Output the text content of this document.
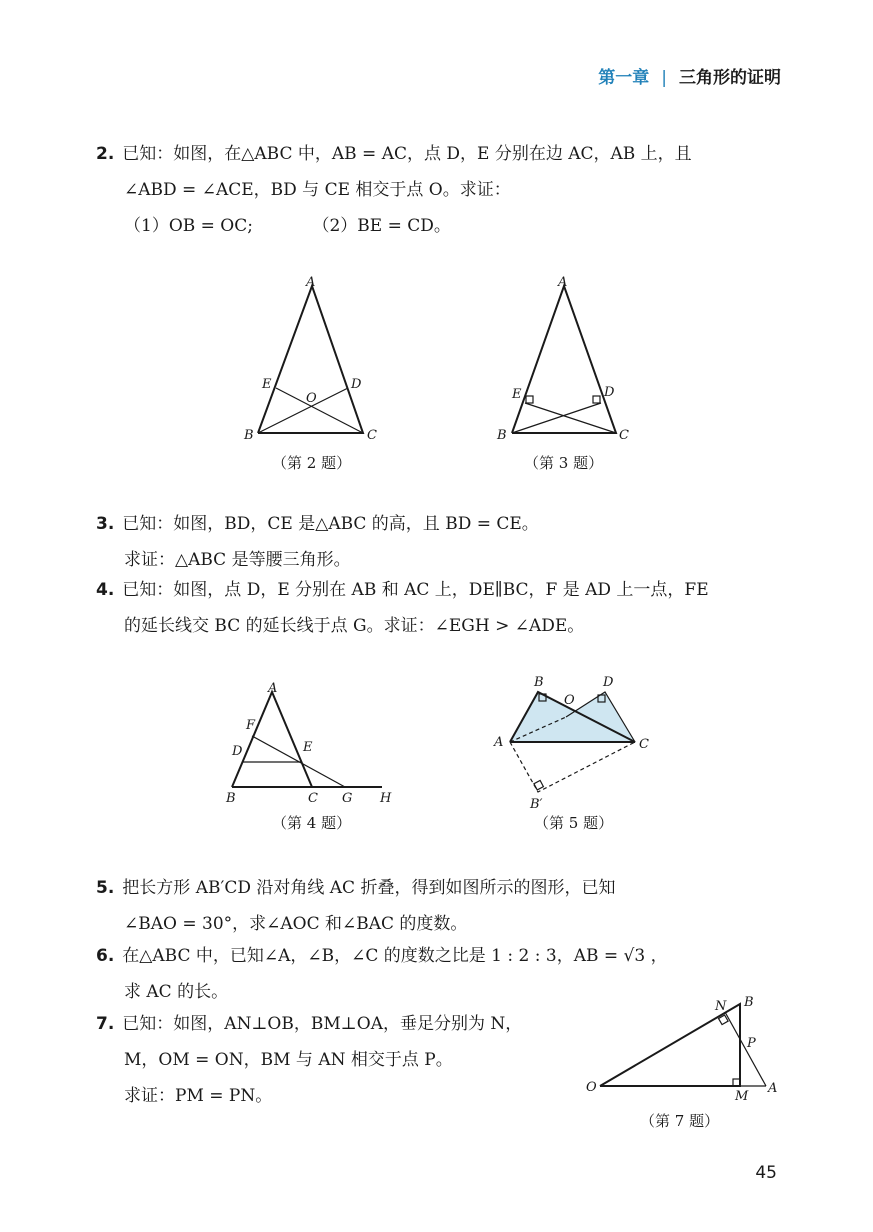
第一章 | 三角形的证明
2. 已知：如图，在△ABC 中，AB = AC，点 D，E 分别在边 AC，AB 上，且
∠ABD = ∠ACE，BD 与 CE 相交于点 O。求证：
（1）OB = OC;　　　　（2）BE = CD。
A
B	C
D
E
O
（第 2 题）
A
B	C
D
E
（第 3 题）
3. 已知：如图，BD，CE 是△ABC 的高，且 BD = CE。
求证：△ABC 是等腰三角形。
4. 已知：如图，点 D，E 分别在 AB 和 AC 上，DE∥BC，F 是 AD 上一点，FE
的延长线交 BC 的延长线于点 G。求证：∠EGH > ∠ADE。
A
B	C
D	E
F
G H
（第 4 题）
B	D
O
A	C
B′
（第 5 题）
5. 把长方形 AB′CD 沿对角线 AC 折叠，得到如图所示的图形，已知
∠BAO = 30°，求∠AOC 和∠BAC 的度数。
6. 在△ABC 中，已知∠A，∠B，∠C 的度数之比是 1 : 2 : 3，AB = √3 ，
求 AC 的长。
7. 已知：如图，AN⊥OB，BM⊥OA，垂足分别为 N，
M，OM = ON，BM 与 AN 相交于点 P。
求证：PM = PN。	O
B
N
P
A
M
（第 7 题）
45
